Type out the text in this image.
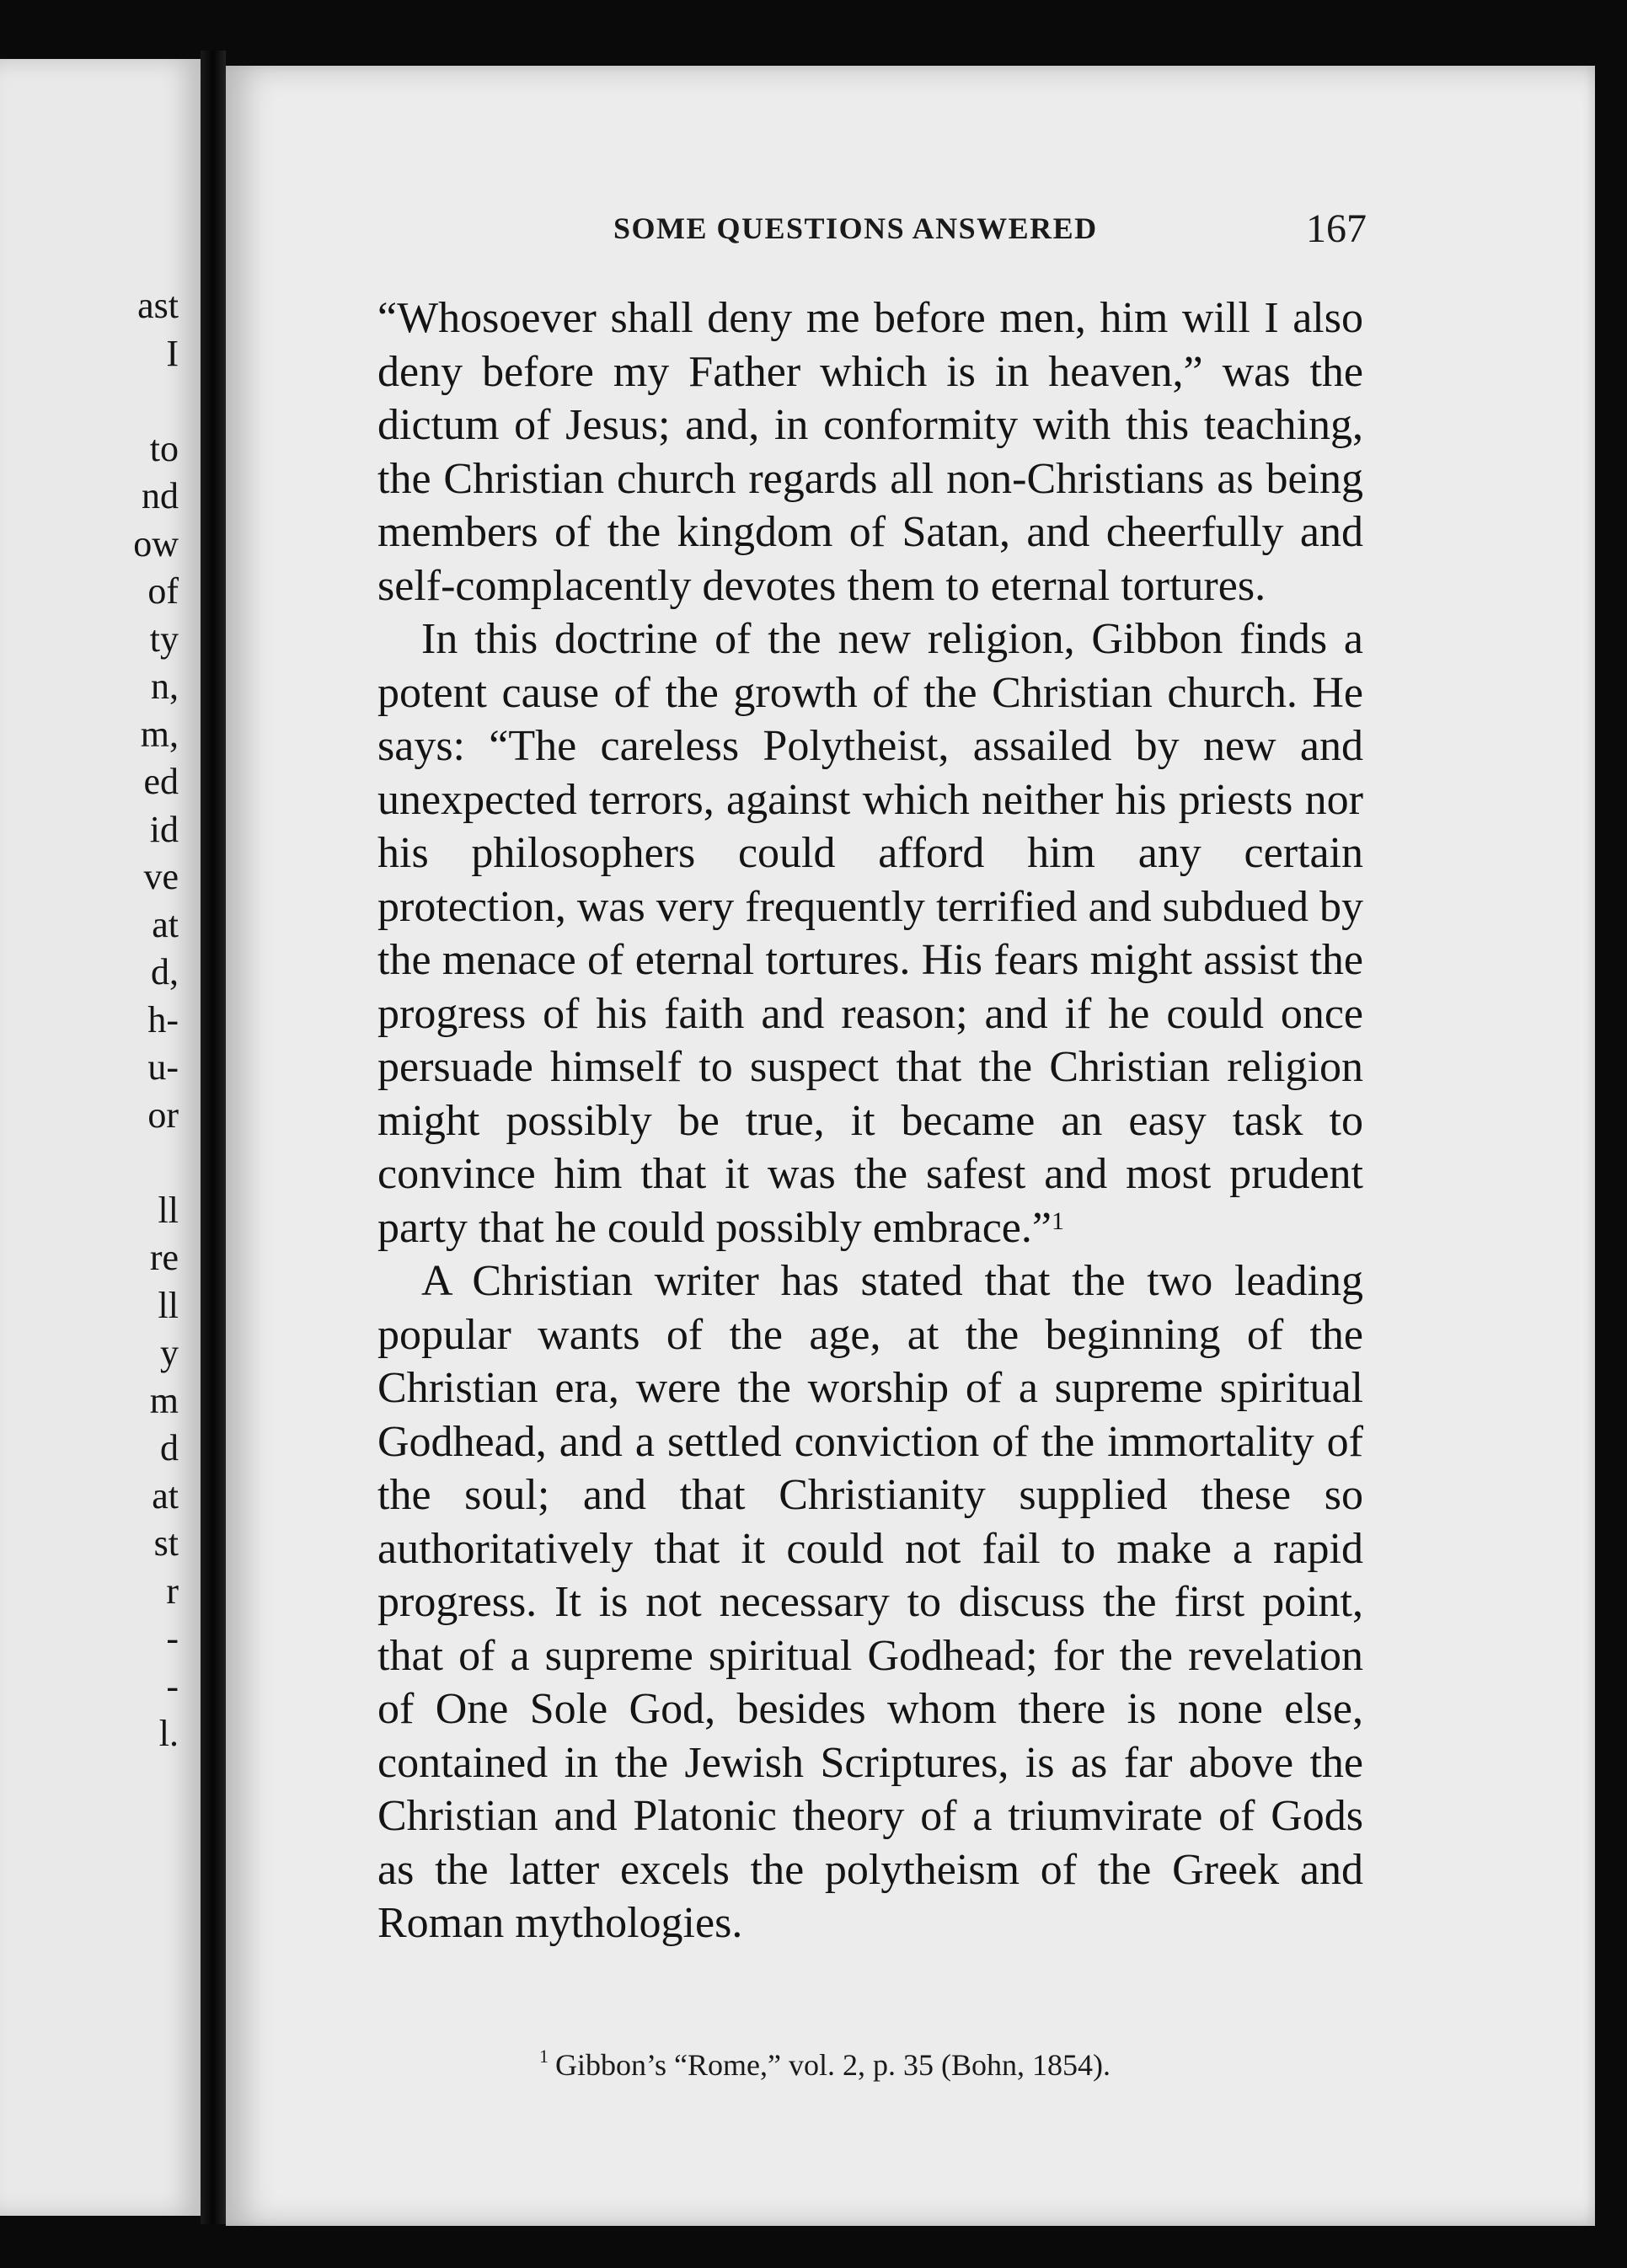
ast
I
to
nd
ow
of
ty
n,
m,
ed
id
ve
at
d,
h-
u-
or
ll
re
ll
y
m
d
at
st
r
-
-
l.
SOME QUESTIONS ANSWERED	167

“Whosoever shall deny me before men, him will I also deny before my Father which is in heaven,” was the dictum of Jesus; and, in conformity with this teaching, the Christian church regards all non-Christians as being members of the kingdom of Satan, and cheerfully and self-complacently devotes them to eternal tortures.

In this doctrine of the new religion, Gibbon finds a potent cause of the growth of the Christian church. He says: “The careless Polytheist, assailed by new and unexpected terrors, against which neither his priests nor his philosophers could afford him any certain protection, was very frequently terrified and subdued by the menace of eternal tortures. His fears might assist the progress of his faith and reason; and if he could once persuade himself to suspect that the Christian religion might possibly be true, it became an easy task to convince him that it was the safest and most prudent party that he could possibly embrace.”$^1$

A Christian writer has stated that the two leading popular wants of the age, at the beginning of the Christian era, were the worship of a supreme spiritual Godhead, and a settled conviction of the immortality of the soul; and that Christianity supplied these so authoritatively that it could not fail to make a rapid progress. It is not necessary to discuss the first point, that of a supreme spiritual Godhead; for the revelation of One Sole God, besides whom there is none else, contained in the Jewish Scriptures, is as far above the Christian and Platonic theory of a triumvirate of Gods as the latter excels the polytheism of the Greek and Roman mythologies.

$^1$ Gibbon’s “Rome,” vol. 2, p. 35 (Bohn, 1854).
